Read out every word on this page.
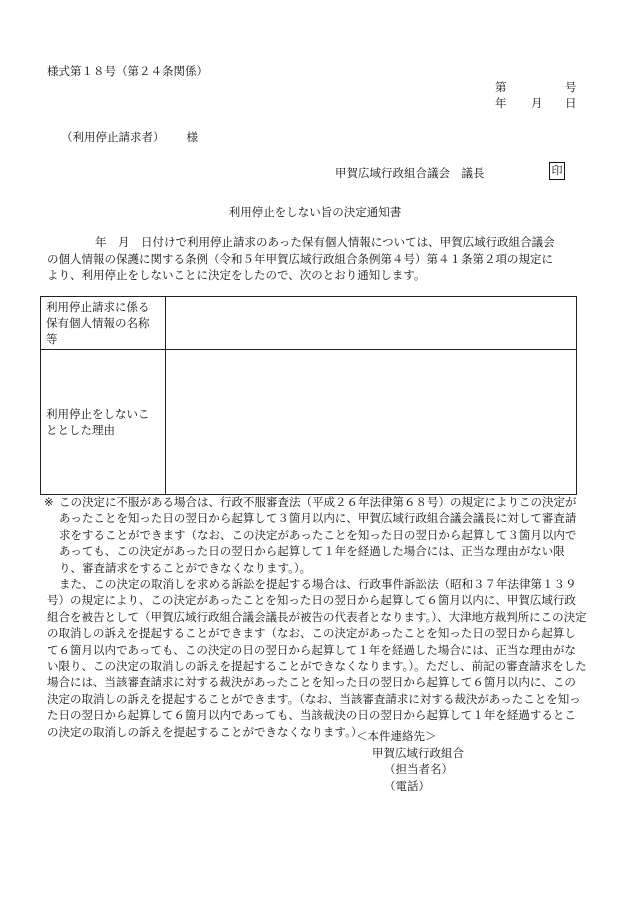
様式第１８号（第２４条関係）
第	号
年	月	日
（利用停止請求者） 様
甲賀広域行政組合議会　議長	印
利用停止をしない旨の決定通知書
年　月　日付けで利用停止請求のあった保有個人情報については、甲賀広域行政組合議会
の個人情報の保護に関する条例（令和５年甲賀広域行政組合条例第４号）第４１条第２項の規定に
より、利用停止をしないことに決定をしたので、次のとおり通知します。
利用停止請求に係る保有個人情報の名称等	
利用停止をしないこととした理由	
※ この決定に不服がある場合は、行政不服審査法（平成２６年法律第６８号）の規定によりこの決定があったことを知った日の翌日から起算して３箇月以内に、甲賀広域行政組合議会議長に対して審査請求をすることができます（なお、この決定があったことを知った日の翌日から起算して３箇月以内であっても、この決定があった日の翌日から起算して１年を経過した場合には、正当な理由がない限り、審査請求をすることができなくなります。）。

また、この決定の取消しを求める訴訟を提起する場合は、行政事件訴訟法（昭和３７年法律第１３９号）の規定により、この決定があったことを知った日の翌日から起算して６箇月以内に、甲賀広域行政組合を被告として（甲賀広域行政組合議会議長が被告の代表者となります。）、大津地方裁判所にこの決定の取消しの訴えを提起することができます（なお、この決定があったことを知った日の翌日から起算して６箇月以内であっても、この決定の日の翌日から起算して１年を経過した場合には、正当な理由がない限り、この決定の取消しの訴えを提起することができなくなります。）。ただし、前記の審査請求をした場合には、当該審査請求に対する裁決があったことを知った日の翌日から起算して６箇月以内に、この決定の取消しの訴えを提起することができます。（なお、当該審査請求に対する裁決があったことを知った日の翌日から起算して６箇月以内であっても、当該裁決の日の翌日から起算して１年を経過するとこの決定の取消しの訴えを提起することができなくなります。）

＜本件連絡先＞
甲賀広域行政組合
（担当者名）
（電話）
